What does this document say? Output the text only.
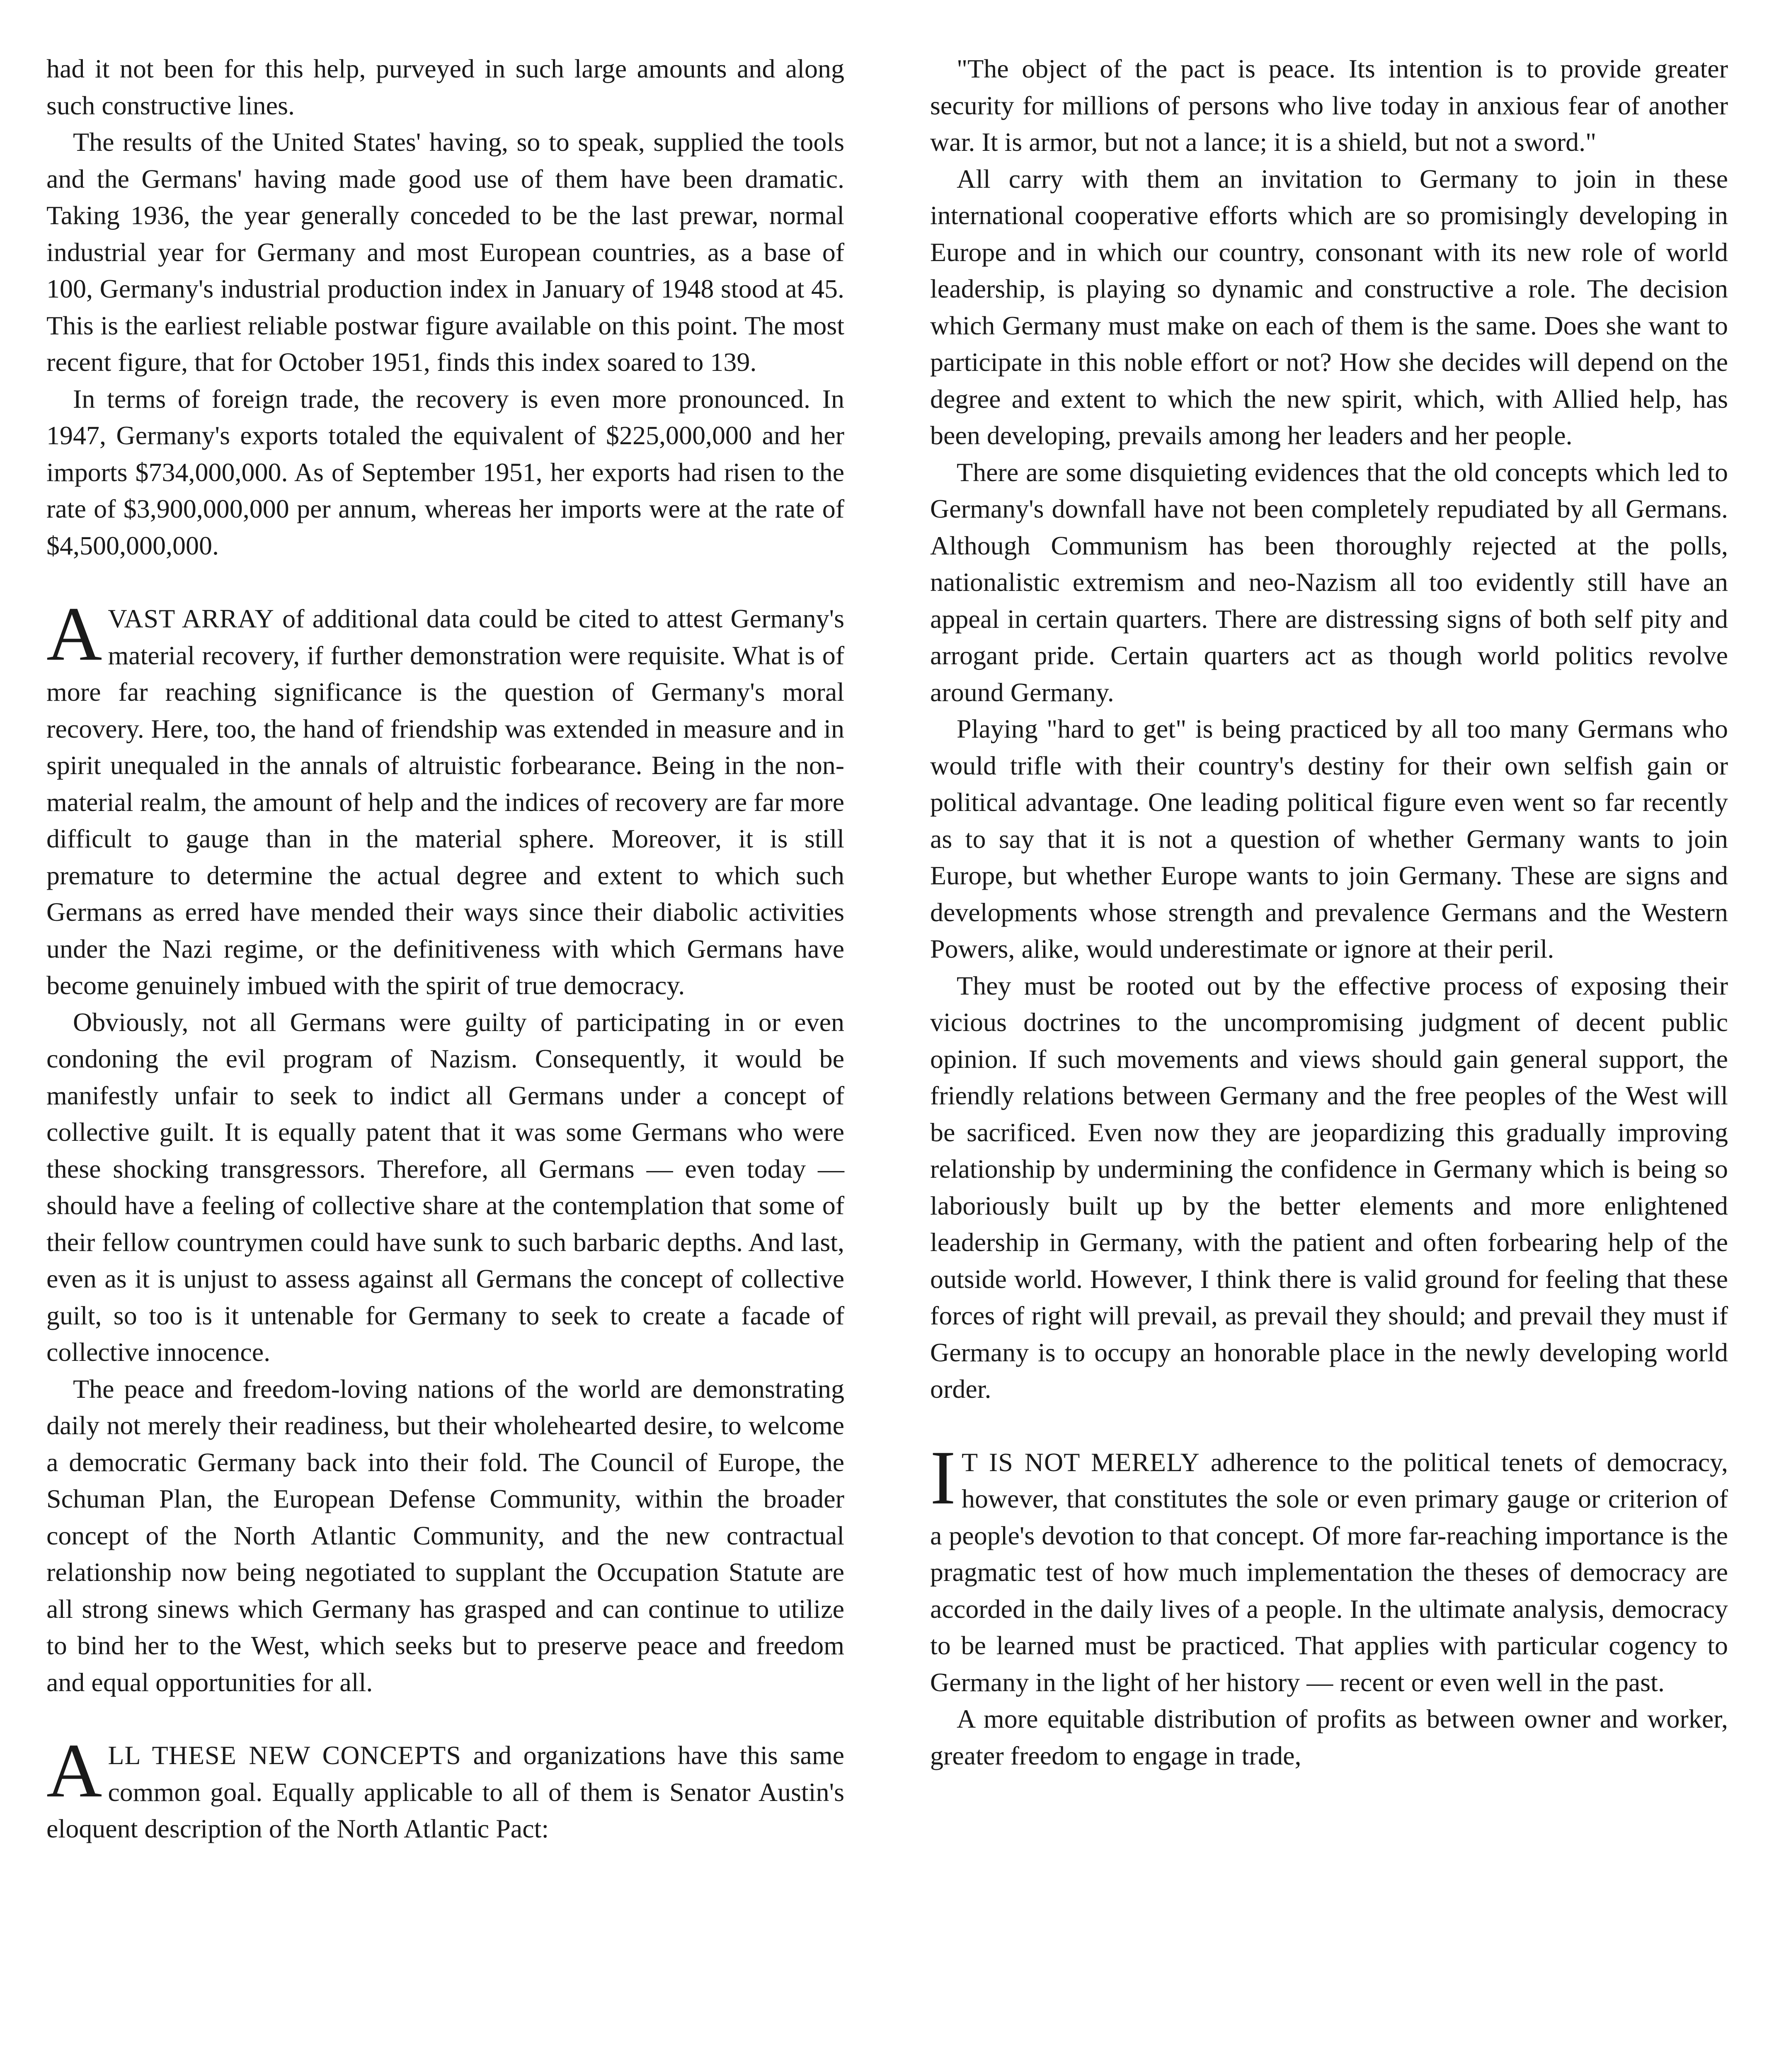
had it not been for this help, purveyed in such large amounts and along such constructive lines.

The results of the United States' having, so to speak, supplied the tools and the Germans' having made good use of them have been dramatic. Taking 1936, the year generally conceded to be the last prewar, normal industrial year for Germany and most European countries, as a base of 100, Germany's industrial production index in January of 1948 stood at 45. This is the earliest reliable postwar figure available on this point. The most recent figure, that for October 1951, finds this index soared to 139.

In terms of foreign trade, the recovery is even more pronounced. In 1947, Germany's exports totaled the equivalent of $225,000,000 and her imports $734,000,000. As of September 1951, her exports had risen to the rate of $3,900,000,000 per annum, whereas her imports were at the rate of $4,500,000,000.

AVAST ARRAY of additional data could be cited to attest Germany's material recovery, if further demonstration were requisite. What is of more far reaching significance is the question of Germany's moral recovery. Here, too, the hand of friendship was extended in measure and in spirit unequaled in the annals of altruistic forbearance. Being in the non-material realm, the amount of help and the indices of recovery are far more difficult to gauge than in the material sphere. Moreover, it is still premature to determine the actual degree and extent to which such Germans as erred have mended their ways since their diabolic activities under the Nazi regime, or the definitiveness with which Germans have become genuinely imbued with the spirit of true democracy.

Obviously, not all Germans were guilty of participating in or even condoning the evil program of Nazism. Consequently, it would be manifestly unfair to seek to indict all Germans under a concept of collective guilt. It is equally patent that it was some Germans who were these shocking transgressors. Therefore, all Germans — even today — should have a feeling of collective share at the contemplation that some of their fellow countrymen could have sunk to such barbaric depths. And last, even as it is unjust to assess against all Germans the concept of collective guilt, so too is it untenable for Germany to seek to create a facade of collective innocence.

The peace and freedom-loving nations of the world are demonstrating daily not merely their readiness, but their wholehearted desire, to welcome a democratic Germany back into their fold. The Council of Europe, the Schuman Plan, the European Defense Community, within the broader concept of the North Atlantic Community, and the new contractual relationship now being negotiated to supplant the Occupation Statute are all strong sinews which Germany has grasped and can continue to utilize to bind her to the West, which seeks but to preserve peace and freedom and equal opportunities for all.

ALL THESE NEW CONCEPTS and organizations have this same common goal. Equally applicable to all of them is Senator Austin's eloquent description of the North Atlantic Pact:

"The object of the pact is peace. Its intention is to provide greater security for millions of persons who live today in anxious fear of another war. It is armor, but not a lance; it is a shield, but not a sword."

All carry with them an invitation to Germany to join in these international cooperative efforts which are so promisingly developing in Europe and in which our country, consonant with its new role of world leadership, is playing so dynamic and constructive a role. The decision which Germany must make on each of them is the same. Does she want to participate in this noble effort or not? How she decides will depend on the degree and extent to which the new spirit, which, with Allied help, has been developing, prevails among her leaders and her people.

There are some disquieting evidences that the old concepts which led to Germany's downfall have not been completely repudiated by all Germans. Although Communism has been thoroughly rejected at the polls, nationalistic extremism and neo-Nazism all too evidently still have an appeal in certain quarters. There are distressing signs of both self pity and arrogant pride. Certain quarters act as though world politics revolve around Germany.

Playing "hard to get" is being practiced by all too many Germans who would trifle with their country's destiny for their own selfish gain or political advantage. One leading political figure even went so far recently as to say that it is not a question of whether Germany wants to join Europe, but whether Europe wants to join Germany. These are signs and developments whose strength and prevalence Germans and the Western Powers, alike, would underestimate or ignore at their peril.

They must be rooted out by the effective process of exposing their vicious doctrines to the uncompromising judgment of decent public opinion. If such movements and views should gain general support, the friendly relations between Germany and the free peoples of the West will be sacrificed. Even now they are jeopardizing this gradually improving relationship by undermining the confidence in Germany which is being so laboriously built up by the better elements and more enlightened leadership in Germany, with the patient and often forbearing help of the outside world. However, I think there is valid ground for feeling that these forces of right will prevail, as prevail they should; and prevail they must if Germany is to occupy an honorable place in the newly developing world order.

I T IS NOT MERELY adherence to the political tenets of democracy, however, that constitutes the sole or even primary gauge or criterion of a people's devotion to that concept. Of more far-reaching importance is the pragmatic test of how much implementation the theses of democracy are accorded in the daily lives of a people. In the ultimate analysis, democracy to be learned must be practiced. That applies with particular cogency to Germany in the light of her history — recent or even well in the past.

A more equitable distribution of profits as between owner and worker, greater freedom to engage in trade,
